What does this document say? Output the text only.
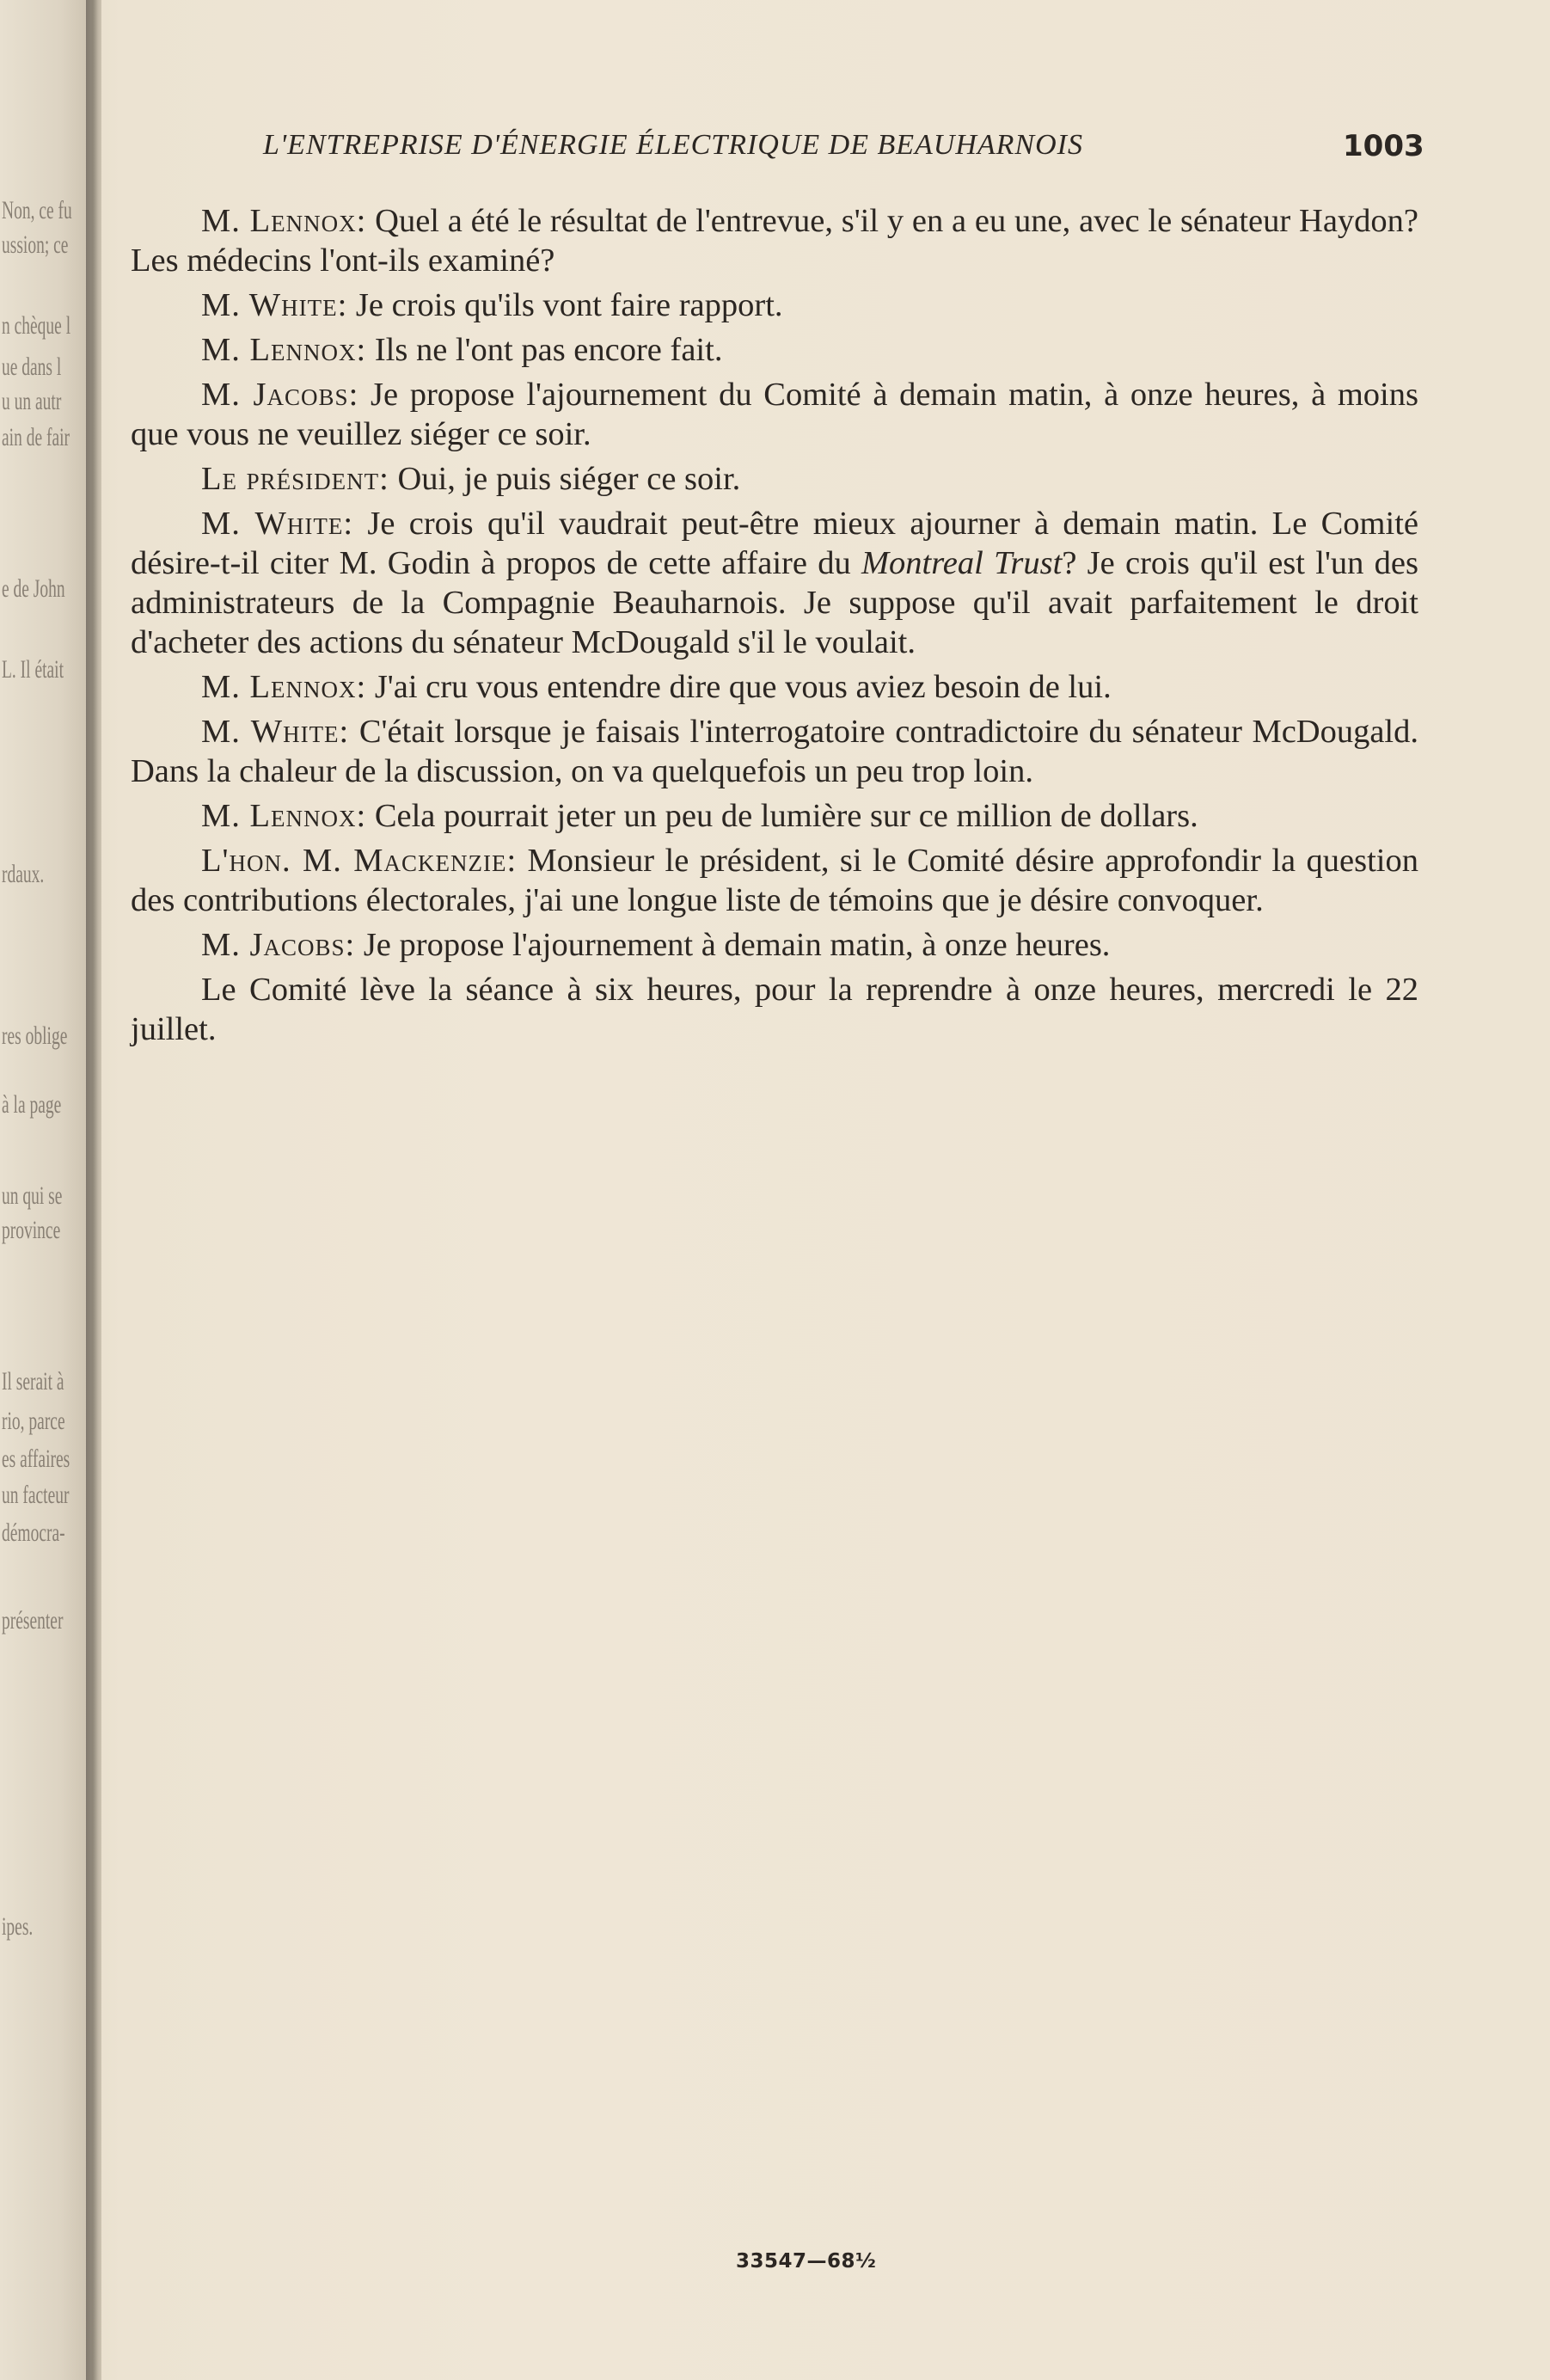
Non, ce fu
ussion; ce
n chèque l
ue dans l
u un autr
ain de fair
e de John
L. Il était
rdaux.
res oblige
à la page
un qui se
province
Il serait à
rio, parce
es affaires
un facteur
démocra-
présenter
ipes.
L'ENTREPRISE D'ÉNERGIE ÉLECTRIQUE DE BEAUHARNOIS	1003

M. Lennox: Quel a été le résultat de l'entrevue, s'il y en a eu une, avec le sénateur Haydon? Les médecins l'ont-ils examiné?

M. White: Je crois qu'ils vont faire rapport.

M. Lennox: Ils ne l'ont pas encore fait.

M. Jacobs: Je propose l'ajournement du Comité à demain matin, à onze heures, à moins que vous ne veuillez siéger ce soir.

Le président: Oui, je puis siéger ce soir.

M. White: Je crois qu'il vaudrait peut-être mieux ajourner à demain matin. Le Comité désire-t-il citer M. Godin à propos de cette affaire du Montreal Trust? Je crois qu'il est l'un des administrateurs de la Compagnie Beauharnois. Je suppose qu'il avait parfaitement le droit d'acheter des actions du sénateur McDougald s'il le voulait.

M. Lennox: J'ai cru vous entendre dire que vous aviez besoin de lui.

M. White: C'était lorsque je faisais l'interrogatoire contradictoire du sénateur McDougald. Dans la chaleur de la discussion, on va quelquefois un peu trop loin.

M. Lennox: Cela pourrait jeter un peu de lumière sur ce million de dollars.

L'hon. M. Mackenzie: Monsieur le président, si le Comité désire approfondir la question des contributions électorales, j'ai une longue liste de témoins que je désire convoquer.

M. Jacobs: Je propose l'ajournement à demain matin, à onze heures.

Le Comité lève la séance à six heures, pour la reprendre à onze heures, mercredi le 22 juillet.

33547—68½
